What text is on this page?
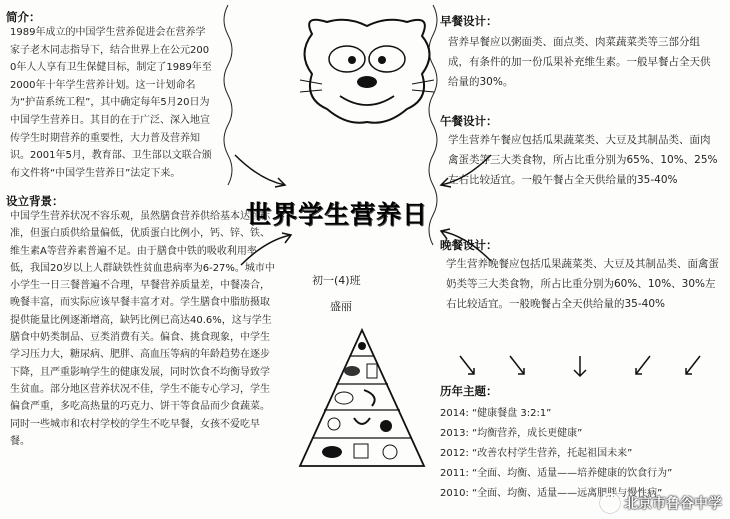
简介：
1989年成立的中国学生营养促进会在营养学家子老木同志指导下，结合世界上在公元2000年人人享有卫生保健目标，制定了1989年至2000年十年学生营养计划。这一计划命名为“护苗系统工程”，其中确定每年5月20日为中国学生营养日。其目的在于广泛、深入地宣传学生时期营养的重要性，大力普及营养知识。2001年5月，教育部、卫生部以文联合颁布文件将“中国学生营养日”法定下来。
设立背景：
中国学生营养状况不容乐观，虽然膳食营养供给基本达到标准，但蛋白质供给量偏低，优质蛋白比例小，钙、锌、铁、维生素A等营养素普遍不足。由于膳食中铁的吸收利用率低，我国20岁以上人群缺铁性贫血患病率为6-27%。城市中小学生一日三餐普遍不合理，早餐营养质量差，中餐凑合，晚餐丰富，而实际应该早餐丰富才对。学生膳食中脂肪摄取提供能量比例逐渐增高，缺钙比例已高达40.6%，这与学生膳食中奶类制品、豆类消费有关。偏食、挑食现象，中学生学习压力大，糖尿病、肥胖、高血压等病的年龄趋势在逐步下降，且严重影响学生的健康发展，同时饮食不均衡导致学生贫血。部分地区营养状况不佳，学生不能专心学习，学生偏食严重，多吃高热量的巧克力、饼干等食品而少食蔬菜。同时一些城市和农村学校的学生不吃早餐，女孩不爱吃早餐。
早餐设计：
营养早餐应以粥面类、面点类、肉菜蔬菜类等三部分组成，有条件的加一份瓜果补充维生素。一般早餐占全天供给量的30%。
午餐设计：
学生营养午餐应包括瓜果蔬菜类、大豆及其制品类、面肉禽蛋类等三大类食物，所占比重分别为65%、10%、25%左右比较适宜。一般午餐占全天供给量的35-40%
晚餐设计：
学生营养晚餐应包括瓜果蔬菜类、大豆及其制品类、面禽蛋奶类等三大类食物，所占比重分别为60%、10%、30%左右比较适宜。一般晚餐占全天供给量的35-40%
历年主题：
2014: “健康餐盘 3:2:1”
2013: “均衡营养，成长更健康”
2012: “改善农村学生营养，托起祖国未来”
2011: “全面、均衡、适量——培养健康的饮食行为”
2010: “全面、均衡、适量——远离肥胖与慢性病”
世界学生营养日
初一(4)班
盛丽
北京市鲁谷中学
